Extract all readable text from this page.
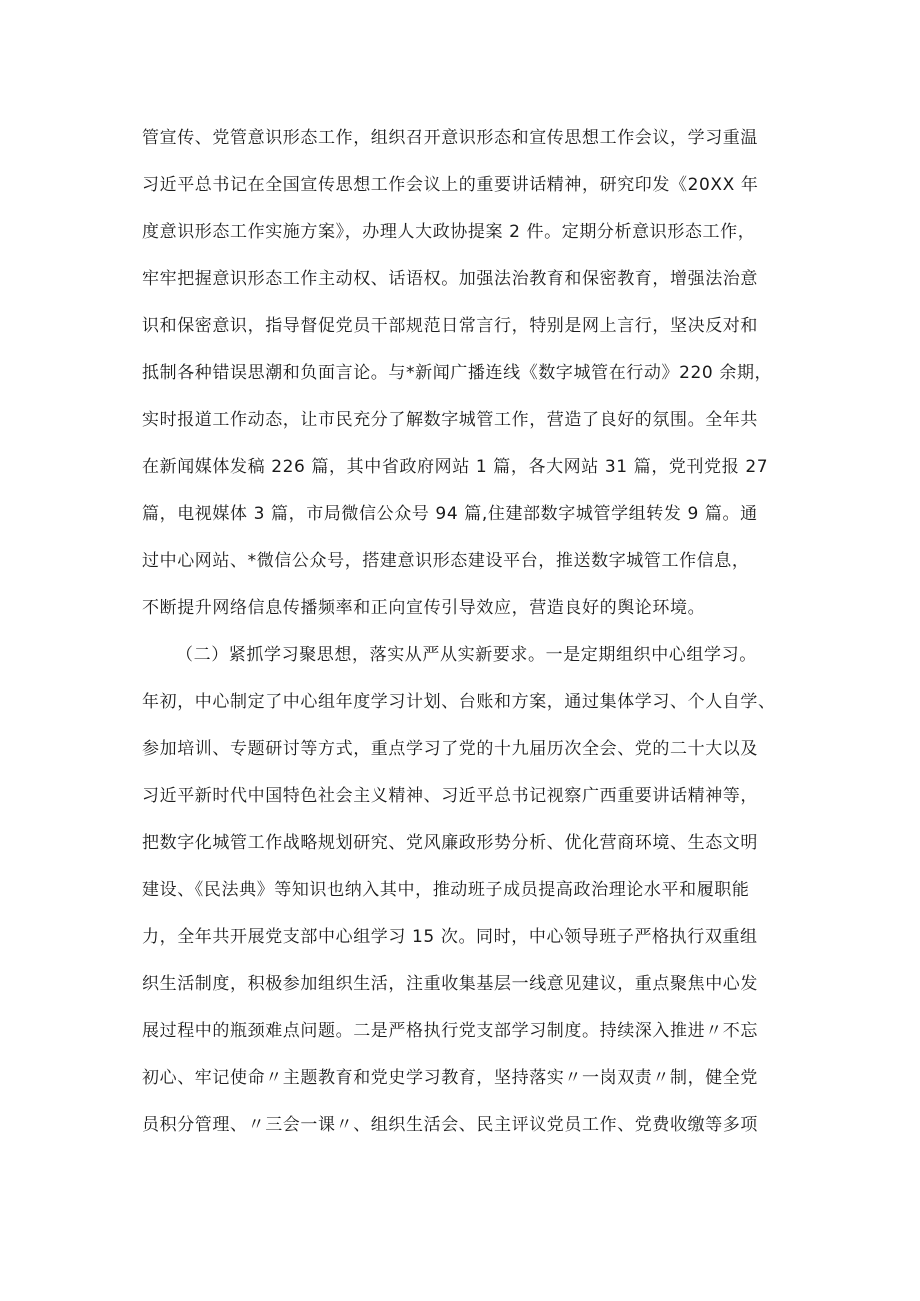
管宣传、党管意识形态工作，组织召开意识形态和宣传思想工作会议，学习重温
习近平总书记在全国宣传思想工作会议上的重要讲话精神，研究印发《20XX 年
度意识形态工作实施方案》，办理人大政协提案 2 件。定期分析意识形态工作，
牢牢把握意识形态工作主动权、话语权。加强法治教育和保密教育，增强法治意
识和保密意识，指导督促党员干部规范日常言行，特别是网上言行，坚决反对和
抵制各种错误思潮和负面言论。与*新闻广播连线《数字城管在行动》220 余期，
实时报道工作动态，让市民充分了解数字城管工作，营造了良好的氛围。全年共
在新闻媒体发稿 226 篇，其中省政府网站 1 篇，各大网站 31 篇，党刊党报 27
篇，电视媒体 3 篇，市局微信公众号 94 篇,住建部数字城管学组转发 9 篇。通
过中心网站、*微信公众号，搭建意识形态建设平台，推送数字城管工作信息，
不断提升网络信息传播频率和正向宣传引导效应，营造良好的舆论环境。
（二）紧抓学习聚思想，落实从严从实新要求。一是定期组织中心组学习。
年初，中心制定了中心组年度学习计划、台账和方案，通过集体学习、个人自学、
参加培训、专题研讨等方式，重点学习了党的十九届历次全会、党的二十大以及
习近平新时代中国特色社会主义精神、习近平总书记视察广西重要讲话精神等，
把数字化城管工作战略规划研究、党风廉政形势分析、优化营商环境、生态文明
建设、《民法典》等知识也纳入其中，推动班子成员提高政治理论水平和履职能
力，全年共开展党支部中心组学习 15 次。同时，中心领导班子严格执行双重组
织生活制度，积极参加组织生活，注重收集基层一线意见建议，重点聚焦中心发
展过程中的瓶颈难点问题。二是严格执行党支部学习制度。持续深入推进〃不忘
初心、牢记使命〃主题教育和党史学习教育，坚持落实〃一岗双责〃制，健全党
员积分管理、〃三会一课〃、组织生活会、民主评议党员工作、党费收缴等多项
